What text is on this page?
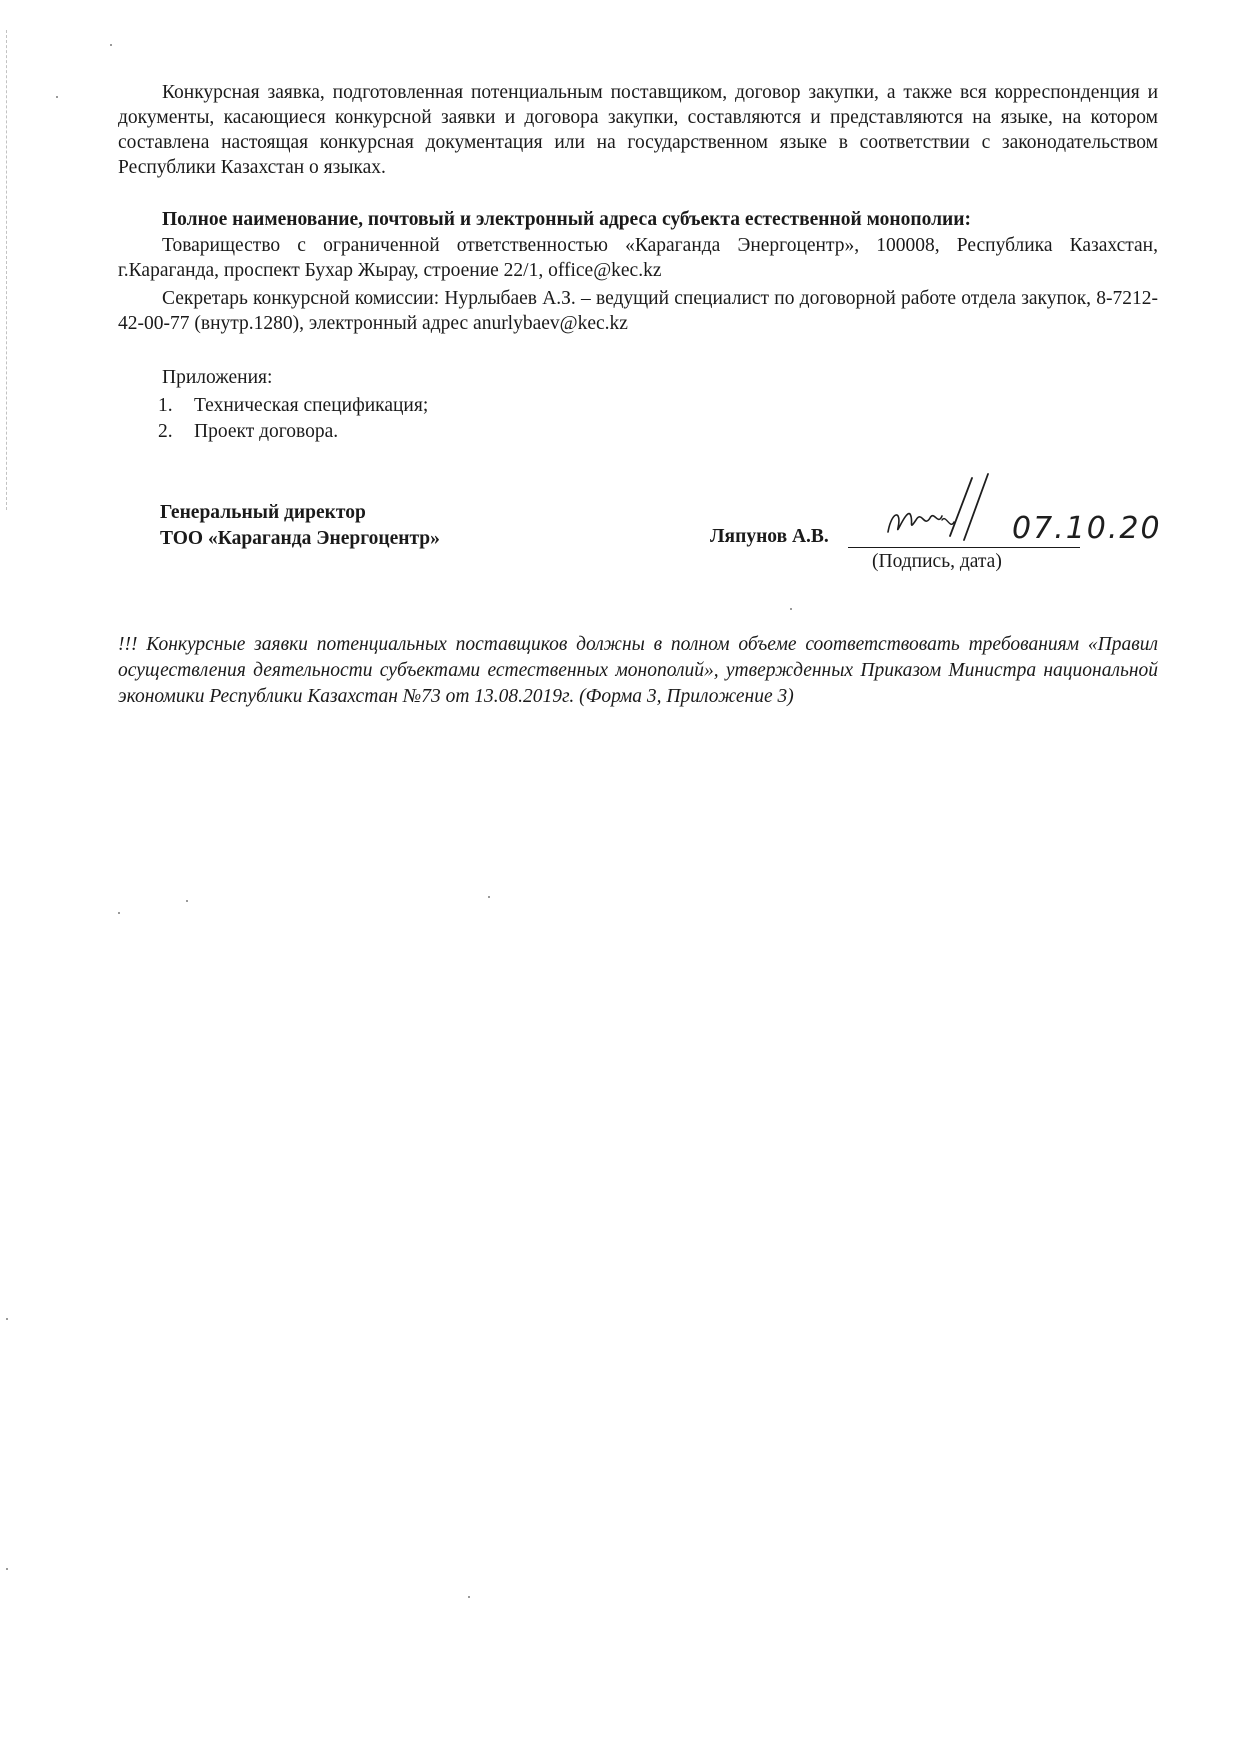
Конкурсная заявка, подготовленная потенциальным поставщиком, договор закупки, а также вся корреспонденция и документы, касающиеся конкурсной заявки и договора закупки, составляются и представляются на языке, на котором составлена настоящая конкурсная документация или на государственном языке в соответствии с законодательством Республики Казахстан о языках.
Полное наименование, почтовый и электронный адреса субъекта естественной монополии:
Товарищество с ограниченной ответственностью «Караганда Энергоцентр», 100008, Республика Казахстан, г.Караганда, проспект Бухар Жырау, строение 22/1, office@kec.kz
Секретарь конкурсной комиссии: Нурлыбаев А.З. – ведущий специалист по договорной работе отдела закупок, 8-7212-42-00-77 (внутр.1280), электронный адрес anurlybaev@kec.kz
Приложения:
1.	Техническая спецификация;
2.	Проект договора.
Генеральный директор
ТОО «Караганда Энергоцентр»	Ляпунов А.В.	07.10.20
(Подпись, дата)
!!! Конкурсные заявки потенциальных поставщиков должны в полном объеме соответствовать требованиям «Правил осуществления деятельности субъектами естественных монополий», утвержденных Приказом Министра национальной экономики Республики Казахстан №73 от 13.08.2019г. (Форма 3, Приложение 3)
